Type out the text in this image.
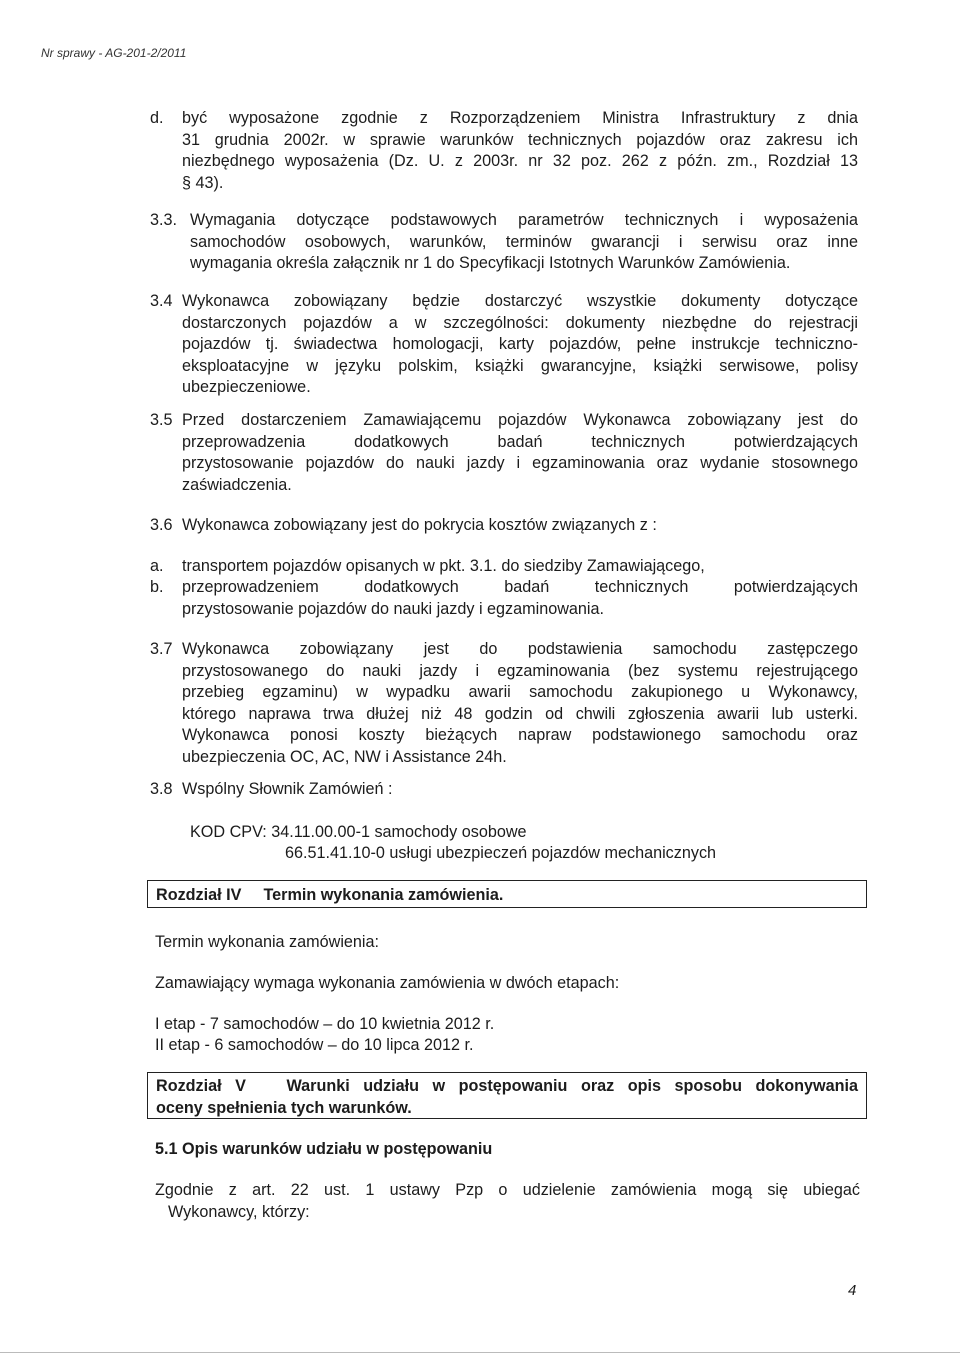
Nr sprawy - AG-201-2/2011
d. być wyposażone zgodnie z Rozporządzeniem Ministra Infrastruktury z dnia
31 grudnia 2002r. w sprawie warunków technicznych pojazdów oraz zakresu ich
niezbędnego wyposażenia (Dz. U. z 2003r. nr 32 poz. 262 z późn. zm., Rozdział 13
§ 43).
3.3. Wymagania dotyczące podstawowych parametrów technicznych i wyposażenia
samochodów osobowych, warunków, terminów gwarancji i serwisu oraz inne
wymagania określa załącznik nr 1 do Specyfikacji Istotnych Warunków Zamówienia.
3.4 Wykonawca zobowiązany będzie dostarczyć wszystkie dokumenty dotyczące
dostarczonych pojazdów a w szczególności: dokumenty niezbędne do rejestracji
pojazdów tj. świadectwa homologacji, karty pojazdów, pełne instrukcje techniczno-
eksploatacyjne w języku polskim, książki gwarancyjne, książki serwisowe, polisy
ubezpieczeniowe.
3.5 Przed dostarczeniem Zamawiającemu pojazdów Wykonawca zobowiązany jest do
przeprowadzenia dodatkowych badań technicznych potwierdzających
przystosowanie pojazdów do nauki jazdy i egzaminowania oraz wydanie stosownego
zaświadczenia.
3.6 Wykonawca zobowiązany jest do pokrycia kosztów związanych z :
a. transportem pojazdów opisanych w pkt. 3.1. do siedziby Zamawiającego,
b. przeprowadzeniem dodatkowych badań technicznych potwierdzających
przystosowanie pojazdów do nauki jazdy i egzaminowania.
3.7 Wykonawca zobowiązany jest do podstawienia samochodu zastępczego
przystosowanego do nauki jazdy i egzaminowania (bez systemu rejestrującego
przebieg egzaminu) w wypadku awarii samochodu zakupionego u Wykonawcy,
którego naprawa trwa dłużej niż 48 godzin od chwili zgłoszenia awarii lub usterki.
Wykonawca ponosi koszty bieżących napraw podstawionego samochodu oraz
ubezpieczenia OC, AC, NW i Assistance 24h.
3.8 Wspólny Słownik Zamówień :
KOD CPV: 34.11.00.00-1 samochody osobowe
66.51.41.10-0 usługi ubezpieczeń pojazdów mechanicznych
Rozdział IV Termin wykonania zamówienia.
Termin wykonania zamówienia:
Zamawiający wymaga wykonania zamówienia w dwóch etapach:
I etap - 7 samochodów – do 10 kwietnia 2012 r.
II etap - 6 samochodów – do 10 lipca 2012 r.
Rozdział V	Warunki udziału w postępowaniu oraz opis sposobu dokonywania
oceny spełnienia tych warunków.
5.1 Opis warunków udziału w postępowaniu
Zgodnie z art. 22 ust. 1 ustawy Pzp o udzielenie zamówienia mogą się ubiegać
Wykonawcy, którzy:
4
